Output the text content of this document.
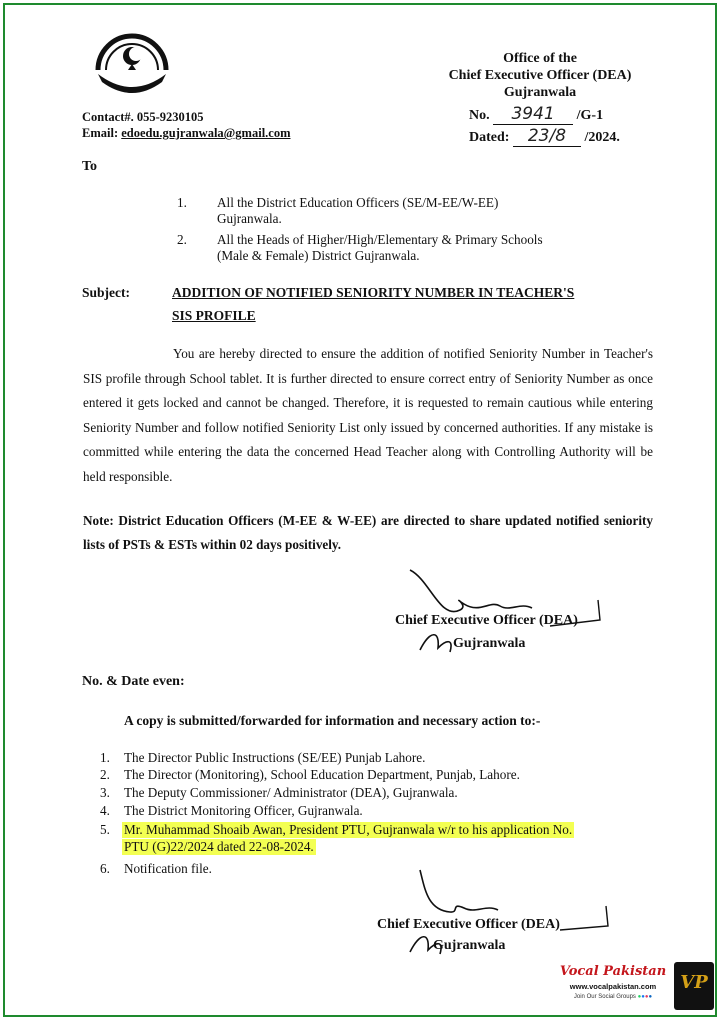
Office of the
Chief Executive Officer (DEA)
Gujranwala
No. 3941 /G-1
Dated: 23/8 /2024.
Contact#. 055-9230105
Email: edoedu.gujranwala@gmail.com
To
1. All the District Education Officers (SE/M-EE/W-EE)
Gujranwala.
2. All the Heads of Higher/High/Elementary & Primary Schools
(Male & Female) District Gujranwala.
Subject:	ADDITION OF NOTIFIED SENIORITY NUMBER IN TEACHER'S
SIS PROFILE

You are hereby directed to ensure the addition of notified Seniority Number in Teacher's SIS profile through School tablet. It is further directed to ensure correct entry of Seniority Number as once entered it gets locked and cannot be changed. Therefore, it is requested to remain cautious while entering Seniority Number and follow notified Seniority List only issued by concerned authorities. If any mistake is committed while entering the data the concerned Head Teacher along with Controlling Authority will be held responsible.

Note: District Education Officers (M-EE & W-EE) are directed to share updated notified seniority lists of PSTs & ESTs within 02 days positively.
Chief Executive Officer (DEA)
Gujranwala
No. & Date even:
A copy is submitted/forwarded for information and necessary action to:-
1. The Director Public Instructions (SE/EE) Punjab Lahore.
2. The Director (Monitoring), School Education Department, Punjab, Lahore.
3. The Deputy Commissioner/ Administrator (DEA), Gujranwala.
4. The District Monitoring Officer, Gujranwala.
5. Mr. Muhammad Shoaib Awan, President PTU, Gujranwala w/r to his application No.
PTU (G)22/2024 dated 22-08-2024.
6. Notification file.
Chief Executive Officer (DEA)
Gujranwala
Vocal Pakistan
www.vocalpakistan.com
Join Our Social Groups ●●●●
VP
